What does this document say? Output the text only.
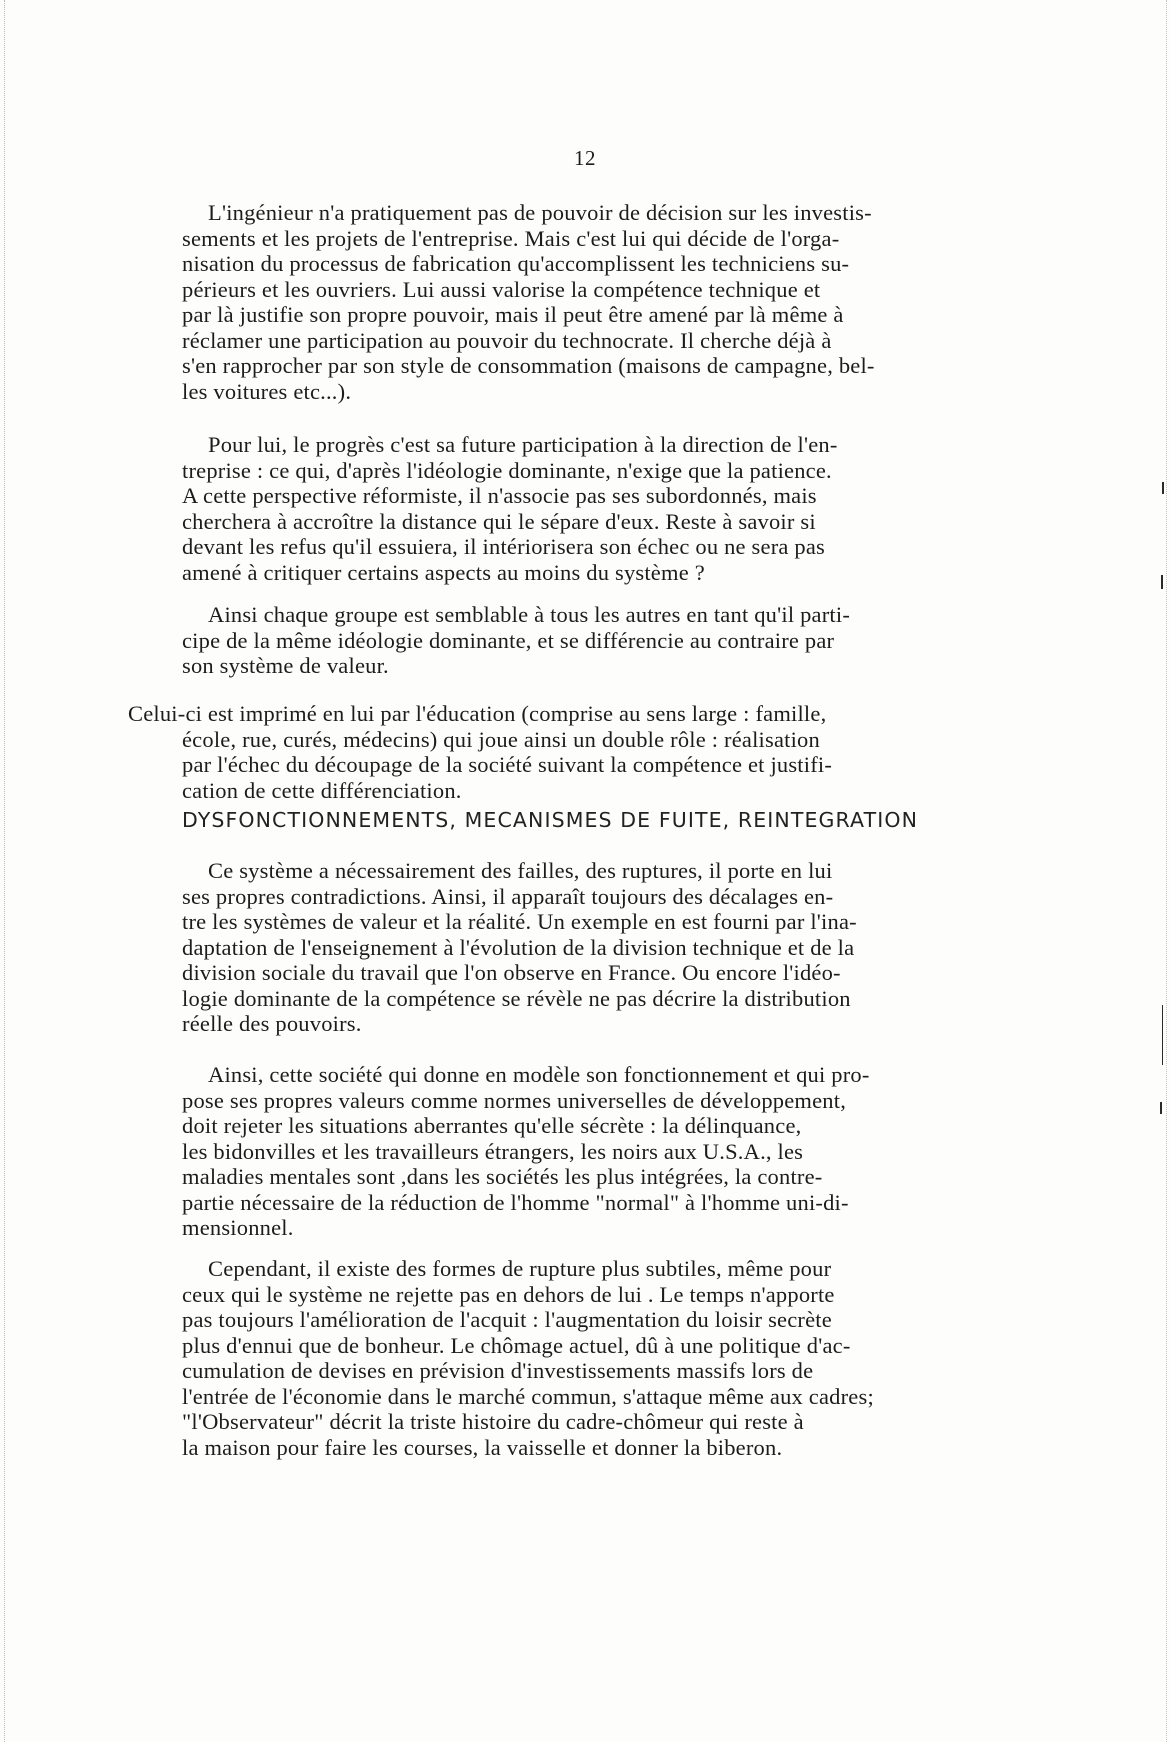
12
L'ingénieur n'a pratiquement pas de pouvoir de décision sur les investis-
sements et les projets de l'entreprise. Mais c'est lui qui décide de l'orga-
nisation du processus de fabrication qu'accomplissent les techniciens su-
périeurs et les ouvriers. Lui aussi valorise la compétence technique et
par là justifie son propre pouvoir, mais il peut être amené par là même à
réclamer une participation au pouvoir du technocrate. Il cherche déjà à
s'en rapprocher par son style de consommation (maisons de campagne, bel-
les voitures etc...).
Pour lui, le progrès c'est sa future participation à la direction de l'en-
treprise : ce qui, d'après l'idéologie dominante, n'exige que la patience.
A cette perspective réformiste, il n'associe pas ses subordonnés, mais
cherchera à accroître la distance qui le sépare d'eux. Reste à savoir si
devant les refus qu'il essuiera, il intériorisera son échec ou ne sera pas
amené à critiquer certains aspects au moins du système ?
Ainsi chaque groupe est semblable à tous les autres en tant qu'il parti-
cipe de la même idéologie dominante, et se différencie au contraire par
son système de valeur.
Celui-ci est imprimé en lui par l'éducation (comprise au sens large : famille,
école, rue, curés, médecins) qui joue ainsi un double rôle : réalisation
par l'échec du découpage de la société suivant la compétence et justifi-
cation de cette différenciation.
DYSFONCTIONNEMENTS, MECANISMES DE FUITE, REINTEGRATION
Ce système a nécessairement des failles, des ruptures, il porte en lui
ses propres contradictions. Ainsi, il apparaît toujours des décalages en-
tre les systèmes de valeur et la réalité. Un exemple en est fourni par l'ina-
daptation de l'enseignement à l'évolution de la division technique et de la
division sociale du travail que l'on observe en France. Ou encore l'idéo-
logie dominante de la compétence se révèle ne pas décrire la distribution
réelle des pouvoirs.
Ainsi, cette société qui donne en modèle son fonctionnement et qui pro-
pose ses propres valeurs comme normes universelles de développement,
doit rejeter les situations aberrantes qu'elle sécrète : la délinquance,
les bidonvilles et les travailleurs étrangers, les noirs aux U.S.A., les
maladies mentales sont ,dans les sociétés les plus intégrées, la contre-
partie nécessaire de la réduction de l'homme "normal" à l'homme uni-di-
mensionnel.
Cependant, il existe des formes de rupture plus subtiles, même pour
ceux qui le système ne rejette pas en dehors de lui . Le temps n'apporte
pas toujours l'amélioration de l'acquit : l'augmentation du loisir secrète
plus d'ennui que de bonheur. Le chômage actuel, dû à une politique d'ac-
cumulation de devises en prévision d'investissements massifs lors de
l'entrée de l'économie dans le marché commun, s'attaque même aux cadres;
"l'Observateur" décrit la triste histoire du cadre-chômeur qui reste à
la maison pour faire les courses, la vaisselle et donner la biberon.
